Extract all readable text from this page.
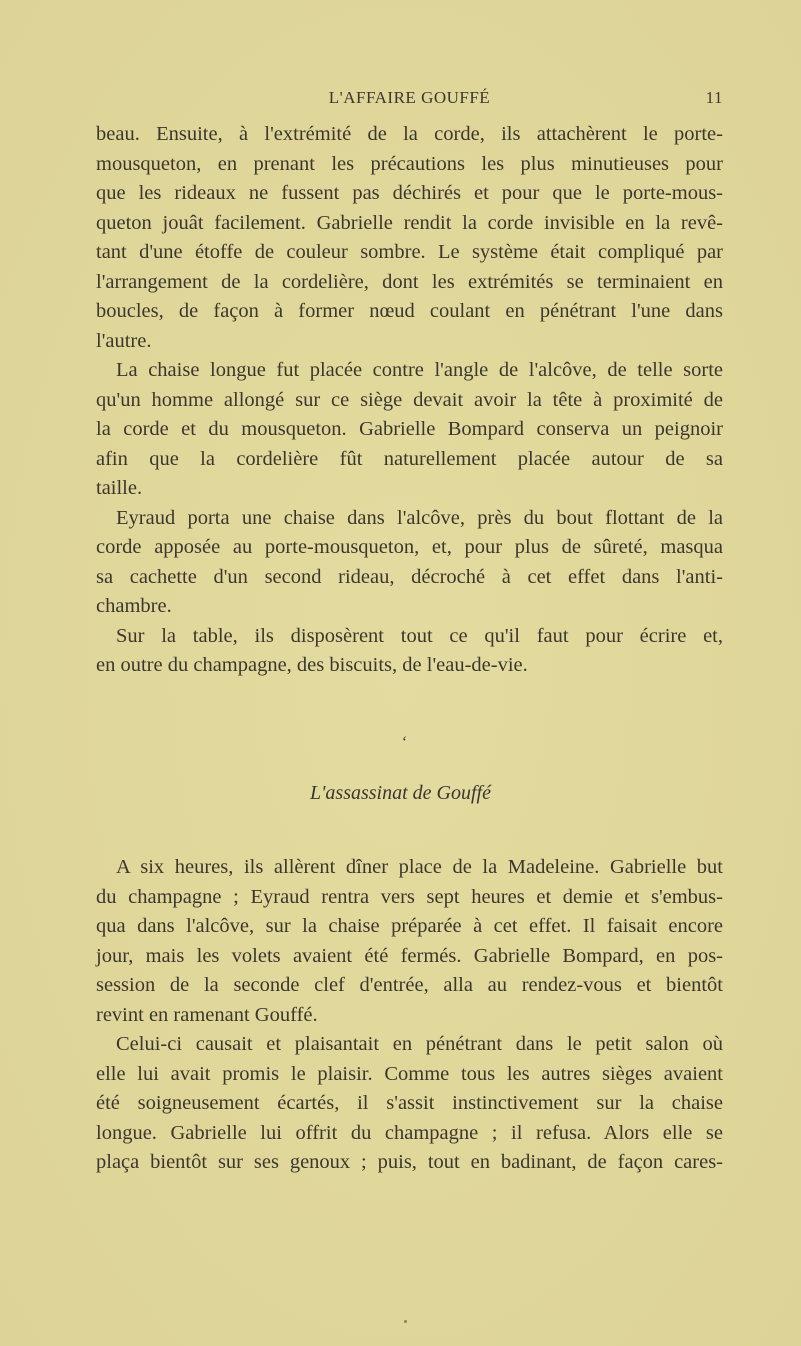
L'AFFAIRE GOUFFÉ	11
beau. Ensuite, à l'extrémité de la corde, ils attachèrent le porte-
mousqueton, en prenant les précautions les plus minutieuses pour
que les rideaux ne fussent pas déchirés et pour que le porte-mous-
queton jouât facilement. Gabrielle rendit la corde invisible en la revê-
tant d'une étoffe de couleur sombre. Le système était compliqué par
l'arrangement de la cordelière, dont les extrémités se terminaient en
boucles, de façon à former nœud coulant en pénétrant l'une dans
l'autre.
La chaise longue fut placée contre l'angle de l'alcôve, de telle sorte
qu'un homme allongé sur ce siège devait avoir la tête à proximité de
la corde et du mousqueton. Gabrielle Bompard conserva un peignoir
afin que la cordelière fût naturellement placée autour de sa
taille.
Eyraud porta une chaise dans l'alcôve, près du bout flottant de la
corde apposée au porte-mousqueton, et, pour plus de sûreté, masqua
sa cachette d'un second rideau, décroché à cet effet dans l'anti-
chambre.
Sur la table, ils disposèrent tout ce qu'il faut pour écrire et,
en outre du champagne, des biscuits, de l'eau-de-vie.
‘
L'assassinat de Gouffé
A six heures, ils allèrent dîner place de la Madeleine. Gabrielle but
du champagne ; Eyraud rentra vers sept heures et demie et s'embus-
qua dans l'alcôve, sur la chaise préparée à cet effet. Il faisait encore
jour, mais les volets avaient été fermés. Gabrielle Bompard, en pos-
session de la seconde clef d'entrée, alla au rendez-vous et bientôt
revint en ramenant Gouffé.
Celui-ci causait et plaisantait en pénétrant dans le petit salon où
elle lui avait promis le plaisir. Comme tous les autres sièges avaient
été soigneusement écartés, il s'assit instinctivement sur la chaise
longue. Gabrielle lui offrit du champagne ; il refusa. Alors elle se
plaça bientôt sur ses genoux ; puis, tout en badinant, de façon cares-
